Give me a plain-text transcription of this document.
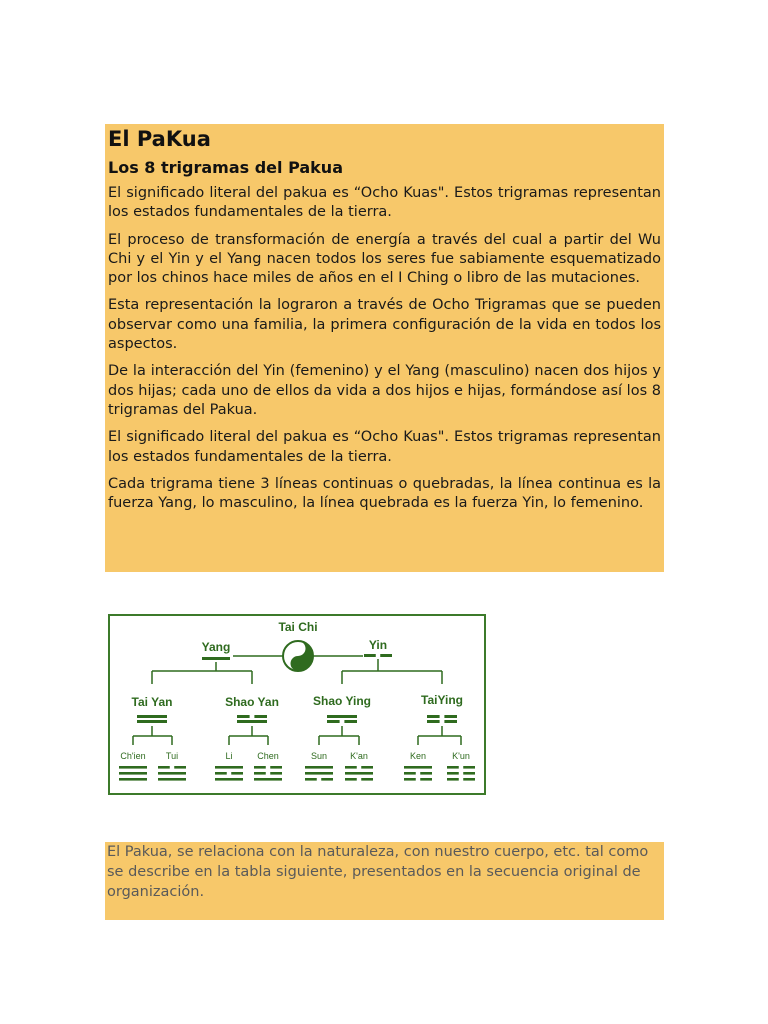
El PaKua
Los 8 trigramas del Pakua

El significado literal del pakua es “Ocho Kuas". Estos trigramas representan los estados fundamentales de la tierra.

El proceso de transformación de energía a través del cual a partir del Wu Chi y el Yin y el Yang nacen todos los seres fue sabiamente esquematizado por los chinos hace miles de años en el I Ching o libro de las mutaciones.

Esta representación la lograron a través de Ocho Trigramas que se pueden observar como una familia, la primera configuración de la vida en todos los aspectos.

De la interacción del Yin (femenino) y el Yang (masculino) nacen dos hijos y dos hijas; cada uno de ellos da vida a dos hijos e hijas, formándose así los 8 trigramas del Pakua.

El significado literal del pakua es “Ocho Kuas". Estos trigramas representan los estados fundamentales de la tierra.

Cada trigrama tiene 3 líneas continuas o quebradas, la línea continua es la fuerza Yang, lo masculino, la línea quebrada es la fuerza Yin, lo femenino.

Tai Chi
Yang	Yin
Tai Yan	Shao Yan	Shao Ying	TaiYing
Ch'ien Tui	Li	Chen	Sun	K'an	Ken	K'un

El Pakua, se relaciona con la naturaleza, con nuestro cuerpo, etc. tal como se describe en la tabla siguiente, presentados en la secuencia original de organización.
